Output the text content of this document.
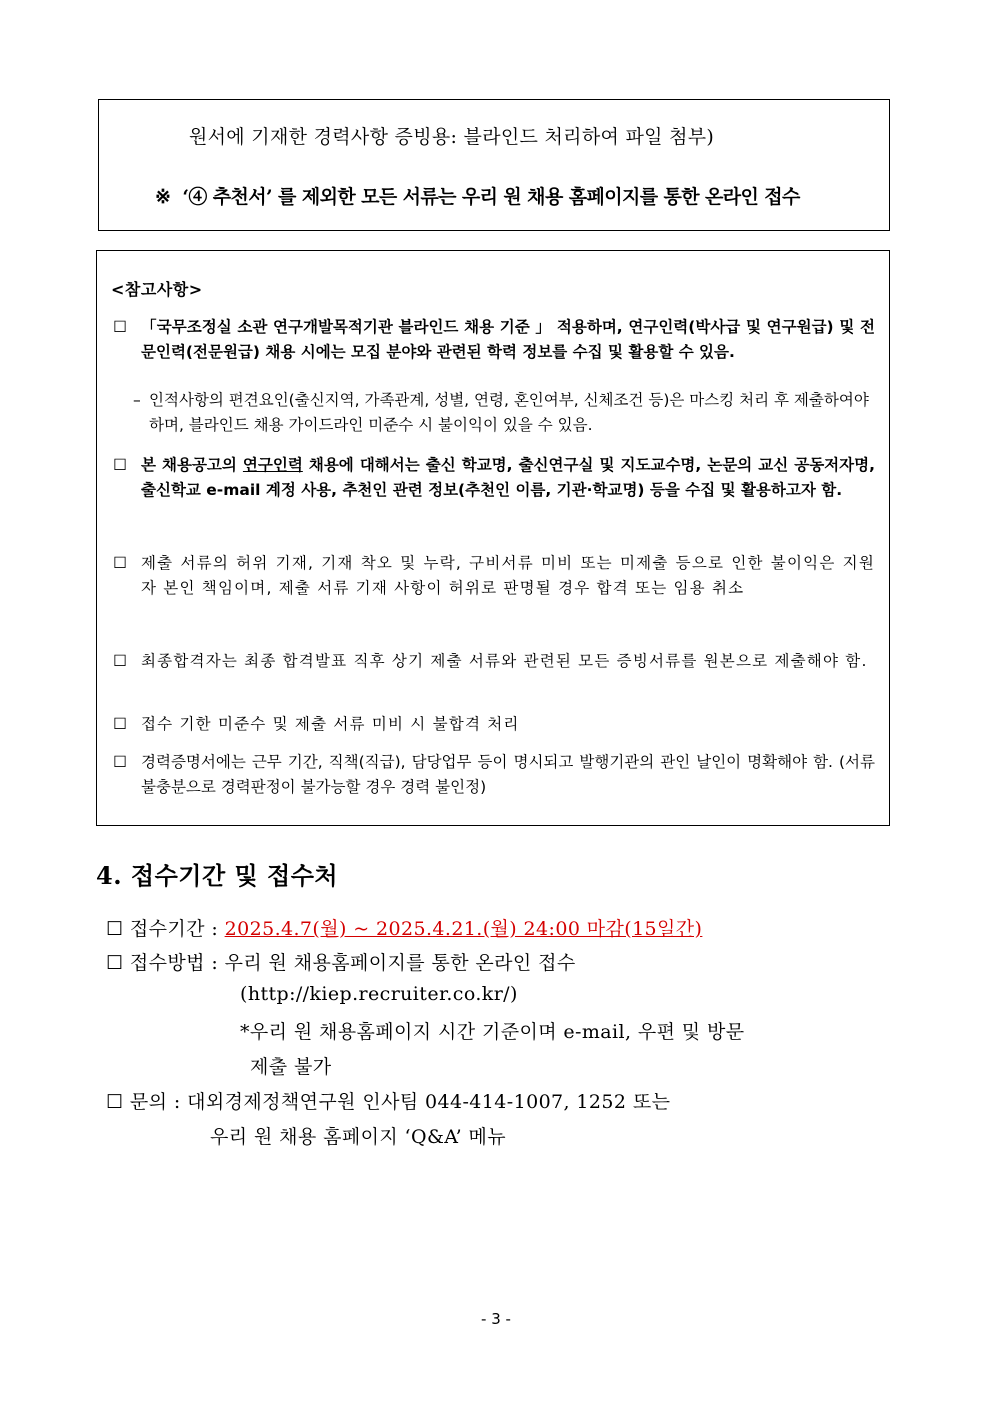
원서에 기재한 경력사항 증빙용: 블라인드 처리하여 파일 첨부)
※ ‘④ 추천서’ 를 제외한 모든 서류는 우리 원 채용 홈페이지를 통한 온라인 접수
<참고사항>
☐ 「국무조정실 소관 연구개발목적기관 블라인드 채용 기준 」 적용하며, 연구인력(박사급 및 연구원급) 및 전문인력(전문원급) 채용 시에는 모집 분야와 관련된 학력 정보를 수집 및 활용할 수 있음.
– 인적사항의 편견요인(출신지역, 가족관계, 성별, 연령, 혼인여부, 신체조건 등)은 마스킹 처리 후 제출하여야 하며, 블라인드 채용 가이드라인 미준수 시 불이익이 있을 수 있음.
☐ 본 채용공고의 연구인력 채용에 대해서는 출신 학교명, 출신연구실 및 지도교수명, 논문의 교신 공동저자명, 출신학교 e-mail 계정 사용, 추천인 관련 정보(추천인 이름, 기관·학교명) 등을 수집 및 활용하고자 함.
☐ 제출 서류의 허위 기재, 기재 착오 및 누락, 구비서류 미비 또는 미제출 등으로 인한 불이익은 지원자 본인 책임이며, 제출 서류 기재 사항이 허위로 판명될 경우 합격 또는 임용 취소
☐ 최종합격자는 최종 합격발표 직후 상기 제출 서류와 관련된 모든 증빙서류를 원본으로 제출해야 함.
☐ 접수 기한 미준수 및 제출 서류 미비 시 불합격 처리
☐ 경력증명서에는 근무 기간, 직책(직급), 담당업무 등이 명시되고 발행기관의 관인 날인이 명확해야 함. (서류 불충분으로 경력판정이 불가능할 경우 경력 불인정)
4. 접수기간 및 접수처
☐ 접수기간 : 2025.4.7(월) ~ 2025.4.21.(월) 24:00 마감(15일간)
☐ 접수방법 : 우리 원 채용홈페이지를 통한 온라인 접수
(http://kiep.recruiter.co.kr/)
*우리 원 채용홈페이지 시간 기준이며 e-mail, 우편 및 방문
제출 불가
☐ 문의 : 대외경제정책연구원 인사팀 044-414-1007, 1252 또는
우리 원 채용 홈페이지 ‘Q&A’ 메뉴
- 3 -
